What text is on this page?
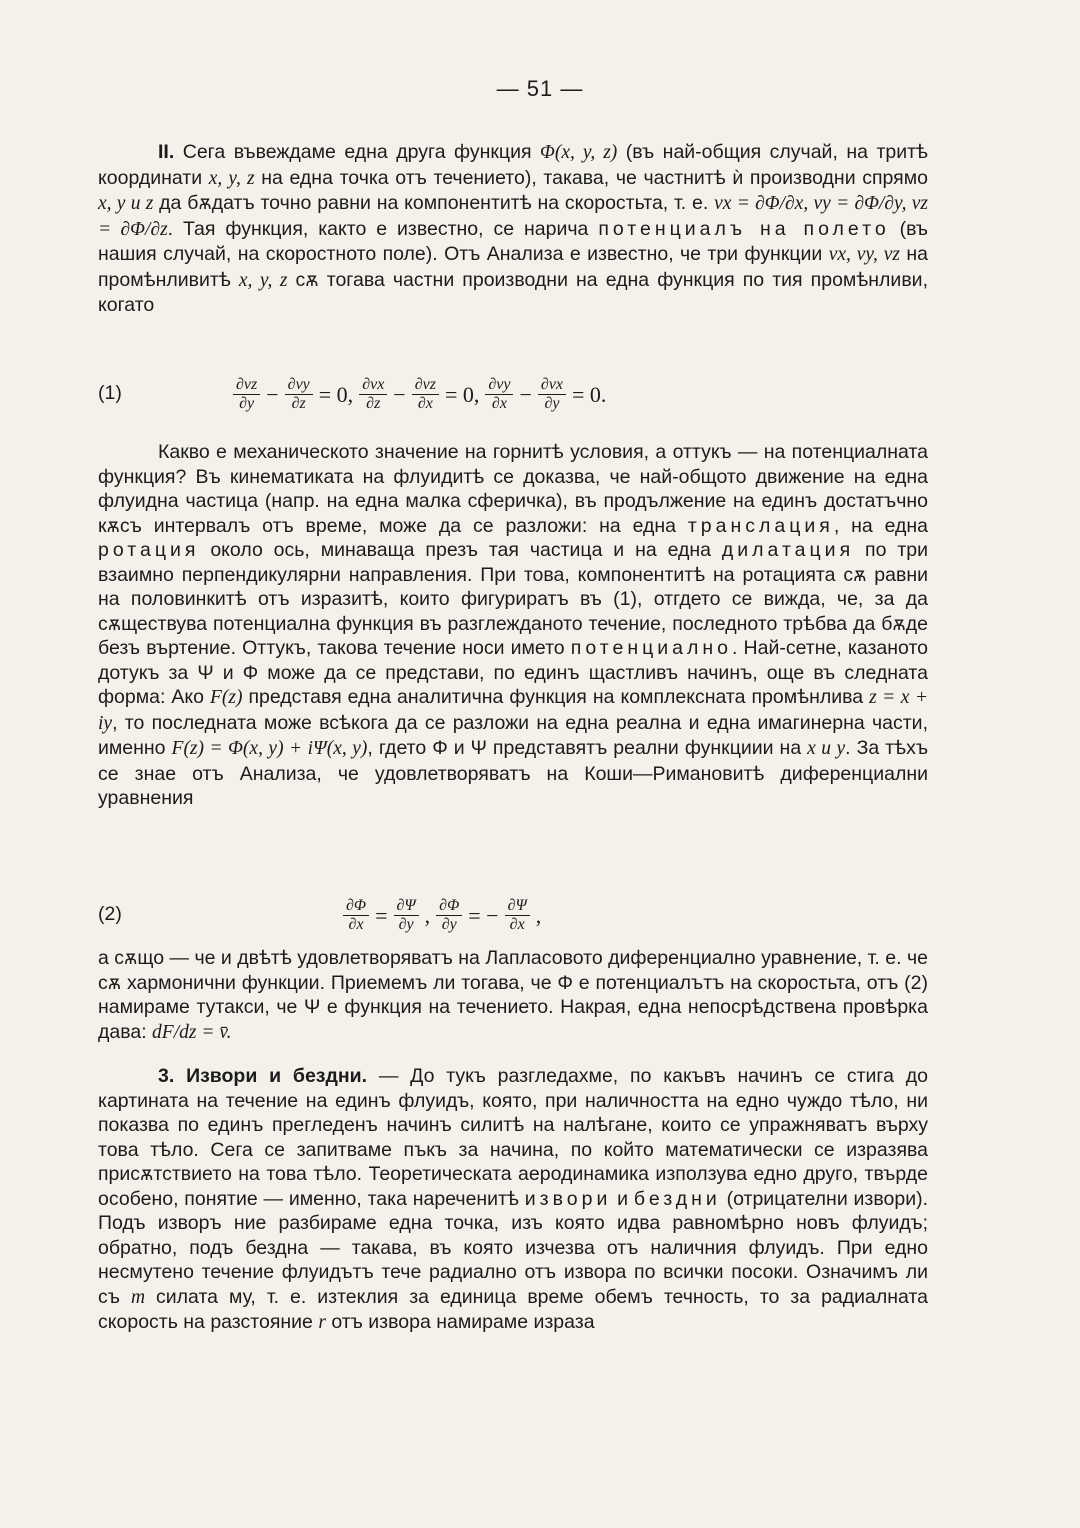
— 51 —

II. Сега въвеждаме една друга функция Φ(x, y, z) (въ най-общия случай, на тритѣ координати x, y, z на една точка отъ течението), такава, че частнитѣ ѝ производни спрямо x, y и z да бѫдатъ точно равни на компонентитѣ на скоростьта, т. е. vx = ∂Φ/∂x, vy = ∂Φ/∂y, vz = ∂Φ/∂z. Тая функция, както е известно, се нарича потенциалъ на полето (въ нашия случай, на скоростното поле). Отъ Анализа е известно, че три функции vx, vy, vz на промѣнливитѣ x, y, z сѫ тогава частни производни на една функция по тия промѣнливи, когато

(1)	$\frac{\partial vz}{\partial y} - \frac{\partial vy}{\partial z} = 0$, $\frac{\partial vx}{\partial z} - \frac{\partial vz}{\partial x} = 0$, $\frac{\partial vy}{\partial x} - \frac{\partial vx}{\partial y} = 0$.

Какво е механическото значение на горнитѣ условия, а оттукъ — на потенциалната функция? Въ кинематиката на флуидитѣ се доказва, че най-общото движение на една флуидна частица (напр. на една малка сферичка), въ продължение на единъ достатъчно кѫсъ интервалъ отъ време, може да се разложи: на една транслация, на една ротация около ось, минаваща презъ тая частица и на една дилатация по три взаимно перпендикулярни направления. При това, компонентитѣ на ротацията сѫ равни на половинкитѣ отъ изразитѣ, които фигуриратъ въ (1), отгдето се вижда, че, за да сѫществува потенциална функция въ разглежданото течение, последното трѣбва да бѫде безъ въртение. Оттукъ, такова течение носи името потенциално. Най-сетне, казаното дотукъ за Ψ и Φ може да се представи, по единъ щастливъ начинъ, още въ следната форма: Ако F(z) представя една аналитична функция на комплексната промѣнлива z = x + iy, то последната може всѣкога да се разложи на една реална и една имагинерна части, именно F(z) = Φ(x, y) + iΨ(x, y), гдето Φ и Ψ представятъ реални функциии на x и y. За тѣхъ се знае отъ Анализа, че удовлетворяватъ на Коши—Римановитѣ диференциални уравнения

(2)	$\frac{\partial\Phi}{\partial x} = \frac{\partial\Psi}{\partial y}$ , $\frac{\partial\Phi}{\partial y}$ = − $\frac{\partial\Psi}{\partial x}$ ,

а сѫщо — че и двѣтѣ удовлетворяватъ на Лапласовото диференциално уравнение, т. е. че сѫ хармонични функции. Приемемъ ли тогава, че Φ е потенциалътъ на скоростьта, отъ (2) намираме тутакси, че Ψ е функция на течението. Накрая, една непосрѣдствена провѣрка дава: dF/dz = v̄.

3. Извори и бездни. — До тукъ разгледахме, по какъвъ начинъ се стига до картината на течение на единъ флуидъ, която, при наличността на едно чуждо тѣло, ни показва по единъ прегледенъ начинъ силитѣ на налѣгане, които се упражняватъ върху това тѣло. Сега се запитваме пъкъ за начина, по който математически се изразява присѫтствието на това тѣло. Теоретическата аеродинамика използува едно друго, твърде особено, понятие — именно, така нареченитѣ извори и бездни (отрицателни извори). Подъ изворъ ние разбираме една точка, изъ която идва равномѣрно новъ флуидъ; обратно, подъ бездна — такава, въ която изчезва отъ наличния флуидъ. При едно несмутено течение флуидътъ тече радиално отъ извора по всички посоки. Означимъ ли съ m силата му, т. е. изтеклия за единица време обемъ течность, то за радиалната скорость на разстояние r отъ извора намираме израза
